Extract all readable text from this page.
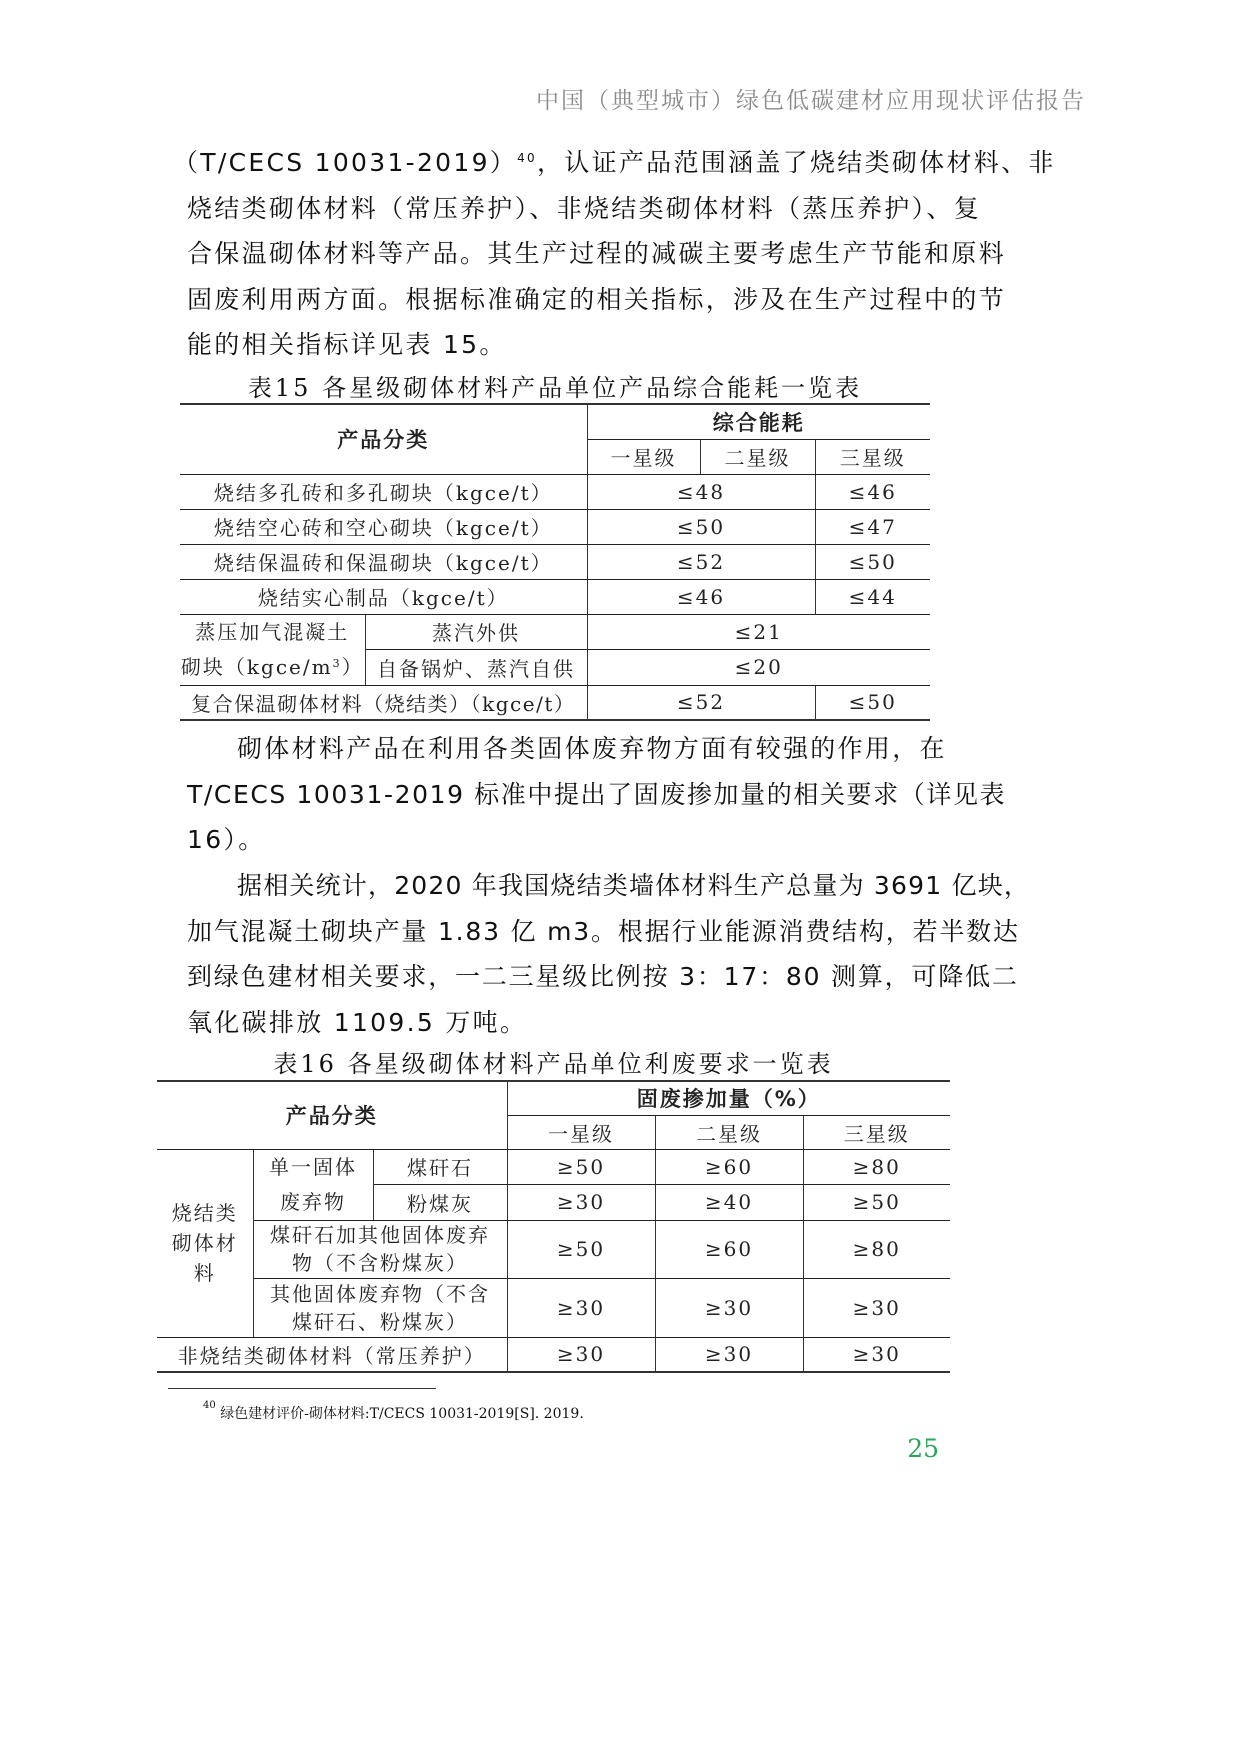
中国（典型城市）绿色低碳建材应用现状评估报告
（T/CECS 10031-2019）$^{40}$，认证产品范围涵盖了烧结类砌体材料、非
烧结类砌体材料（常压养护）、非烧结类砌体材料（蒸压养护）、复
合保温砌体材料等产品。其生产过程的减碳主要考虑生产节能和原料
固废利用两方面。根据标准确定的相关指标，涉及在生产过程中的节
能的相关指标详见表 15。
表15 各星级砌体材料产品单位产品综合能耗一览表
产品分类		综合能耗		
		一星级	二星级	三星级
烧结多孔砖和多孔砌块（kgce/t）		≤48		≤46
烧结空心砖和空心砌块（kgce/t）		≤50		≤47
烧结保温砖和保温砌块（kgce/t）		≤52		≤50
烧结实心制品（kgce/t）		≤46		≤44
蒸压加气混凝土
砌块$(kgce/m^3)$	蒸汽外供	≤21		
	自备锅炉、蒸汽自供	≤20		
复合保温砌体材料（烧结类）（kgce/t）		≤52		≤50
砌体材料产品在利用各类固体废弃物方面有较强的作用，在
T/CECS 10031-2019 标准中提出了固废掺加量的相关要求（详见表
16）。
据相关统计，2020 年我国烧结类墙体材料生产总量为 3691 亿块，
加气混凝土砌块产量 1.83 亿 m3。根据行业能源消费结构，若半数达
到绿色建材相关要求，一二三星级比例按 3：17：80 测算，可降低二
氧化碳排放 1109.5 万吨。
表16 各星级砌体材料产品单位利废要求一览表
产品分类			固废掺加量（%）		
			一星级	二星级	三星级
烧结类
砌体材
料	单一固体
废弃物	煤矸石	≥50	≥60	≥80
		粉煤灰	≥30	≥40	≥50
	煤矸石加其他固体废弃
物（不含粉煤灰）		≥50	≥60	≥80
	其他固体废弃物（不含
煤矸石、粉煤灰）		≥30	≥30	≥30
非烧结类砌体材料（常压养护）			≥30	≥30	≥30
$^{40}$ 绿色建材评价-砌体材料:T/CECS 10031-2019[S]. 2019.
25
